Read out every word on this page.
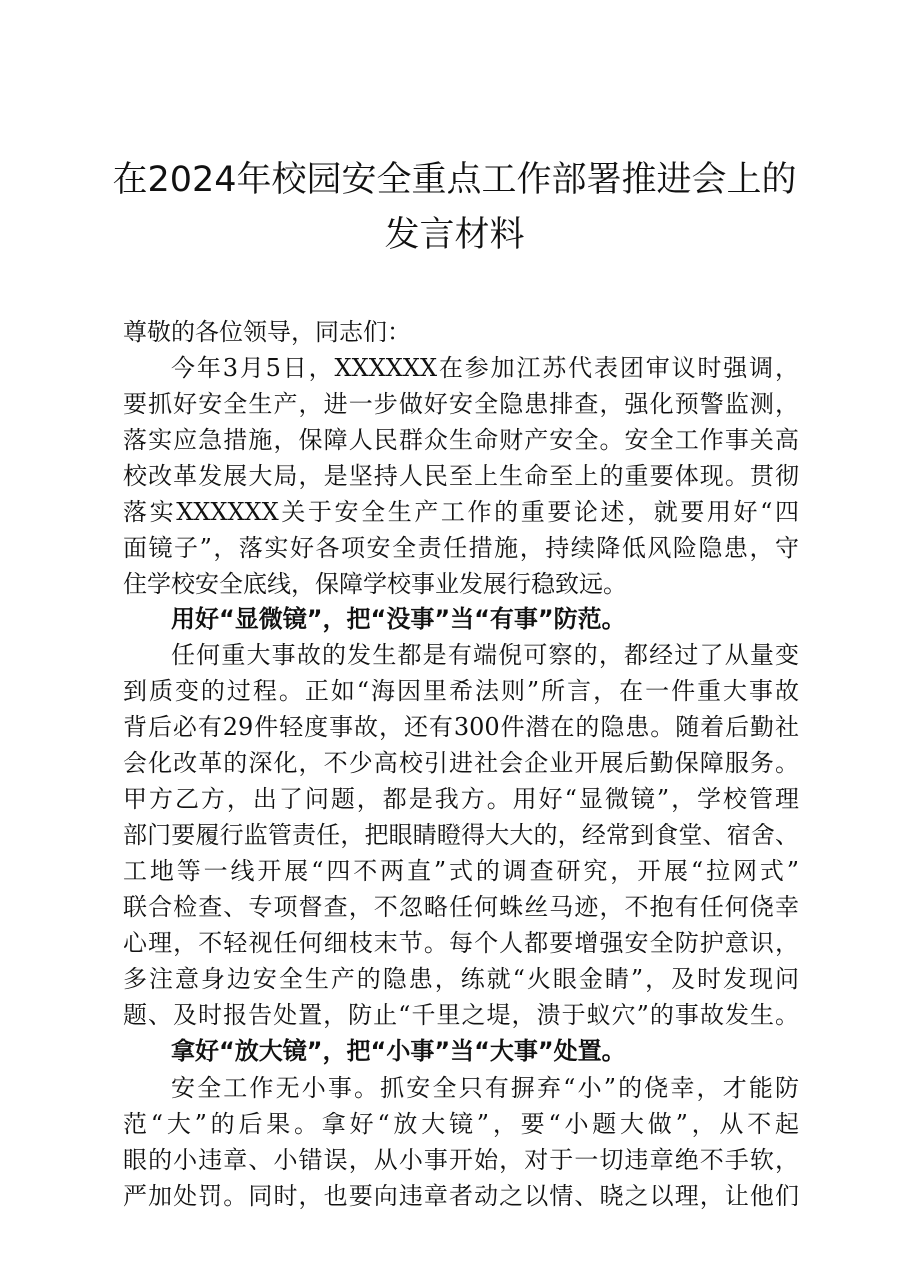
在2024年校园安全重点工作部署推进会上的
发言材料
尊敬的各位领导，同志们：
今年3月5日，XXXXXX在参加江苏代表团审议时强调，
要抓好安全生产，进一步做好安全隐患排查，强化预警监测，
落实应急措施，保障人民群众生命财产安全。安全工作事关高
校改革发展大局，是坚持人民至上生命至上的重要体现。贯彻
落实XXXXXX关于安全生产工作的重要论述，就要用好“四
面镜子”，落实好各项安全责任措施，持续降低风险隐患，守
住学校安全底线，保障学校事业发展行稳致远。
用好“显微镜”，把“没事”当“有事”防范。
任何重大事故的发生都是有端倪可察的，都经过了从量变
到质变的过程。正如“海因里希法则”所言，在一件重大事故
背后必有29件轻度事故，还有300件潜在的隐患。随着后勤社
会化改革的深化，不少高校引进社会企业开展后勤保障服务。
甲方乙方，出了问题，都是我方。用好“显微镜”，学校管理
部门要履行监管责任，把眼睛瞪得大大的，经常到食堂、宿舍、
工地等一线开展“四不两直”式的调查研究，开展“拉网式”
联合检查、专项督查，不忽略任何蛛丝马迹，不抱有任何侥幸
心理，不轻视任何细枝末节。每个人都要增强安全防护意识，
多注意身边安全生产的隐患，练就“火眼金睛”，及时发现问
题、及时报告处置，防止“千里之堤，溃于蚁穴”的事故发生。
拿好“放大镜”，把“小事”当“大事”处置。
安全工作无小事。抓安全只有摒弃“小”的侥幸，才能防
范“大”的后果。拿好“放大镜”，要“小题大做”，从不起
眼的小违章、小错误，从小事开始，对于一切违章绝不手软，
严加处罚。同时，也要向违章者动之以情、晓之以理，让他们
